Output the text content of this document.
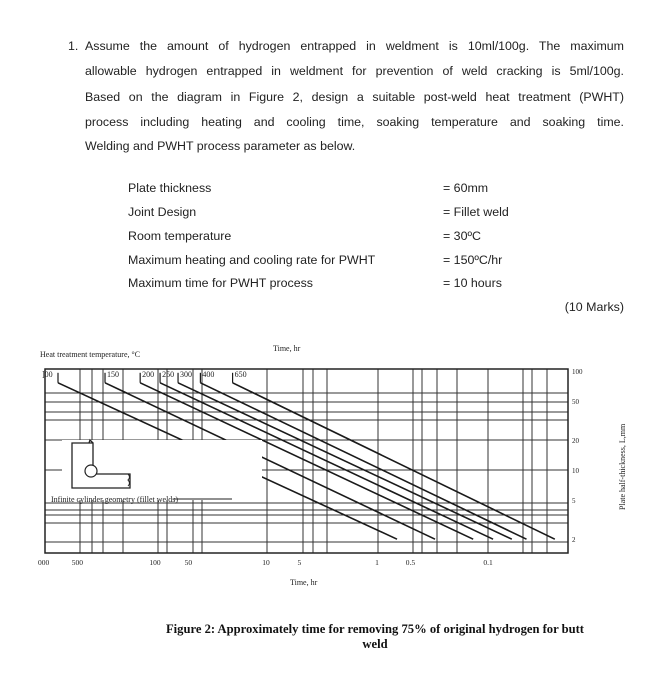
1. Assume the amount of hydrogen entrapped in weldment is 10ml/100g. The maximum
allowable hydrogen entrapped in weldment for prevention of weld cracking is 5ml/100g.
Based on the diagram in Figure 2, design a suitable post-weld heat treatment (PWHT)
process including heating and cooling time, soaking temperature and soaking time.
Welding and PWHT process parameter as below.
Plate thickness	= 60mm
Joint Design	= Fillet weld
Room temperature	= 30ºC
Maximum heating and cooling rate for PWHT	= 150ºC/hr
Maximum time for PWHT process	= 10 hours
(10 Marks)
]00	150	200 250 300 400	650
000	500	100	50	10	5	1	0.5	0.1
100
50
20
10
5
2
Heat treatment temperature, °C
Time, hr
Time, hr
Plate half-thickness, L,mm
Infinite cylinder geometry (fillet welds)
Figure 2: Approximately time for removing 75% of original hydrogen for butt
weld
